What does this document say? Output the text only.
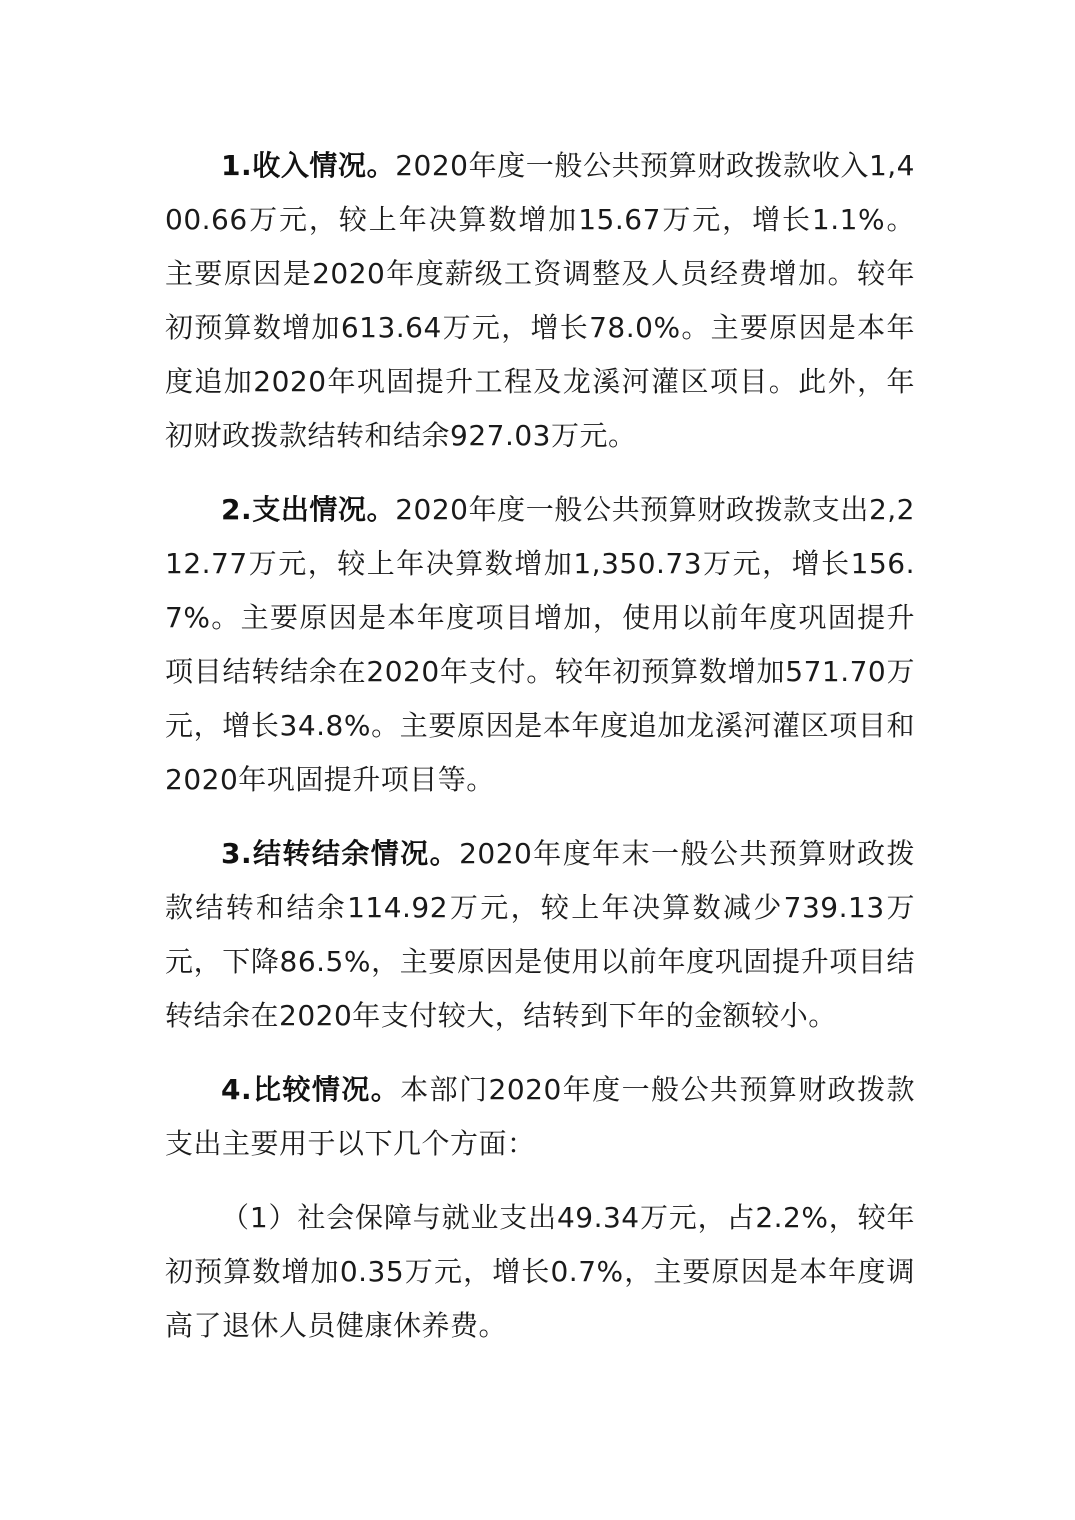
1.收入情况。2020年度一般公共预算财政拨款收入1,400.66万元，较上年决算数增加15.67万元，增长1.1%。主要原因是2020年度薪级工资调整及人员经费增加。较年初预算数增加613.64万元，增长78.0%。主要原因是本年度追加2020年巩固提升工程及龙溪河灌区项目。此外，年初财政拨款结转和结余927.03万元。

2.支出情况。2020年度一般公共预算财政拨款支出2,212.77万元，较上年决算数增加1,350.73万元，增长156.7%。主要原因是本年度项目增加，使用以前年度巩固提升项目结转结余在2020年支付。较年初预算数增加571.70万元，增长34.8%。主要原因是本年度追加龙溪河灌区项目和2020年巩固提升项目等。

3.结转结余情况。2020年度年末一般公共预算财政拨款结转和结余114.92万元，较上年决算数减少739.13万元，下降86.5%，主要原因是使用以前年度巩固提升项目结转结余在2020年支付较大，结转到下年的金额较小。

4.比较情况。本部门2020年度一般公共预算财政拨款支出主要用于以下几个方面：

（1）社会保障与就业支出49.34万元，占2.2%，较年初预算数增加0.35万元，增长0.7%，主要原因是本年度调高了退休人员健康休养费。
